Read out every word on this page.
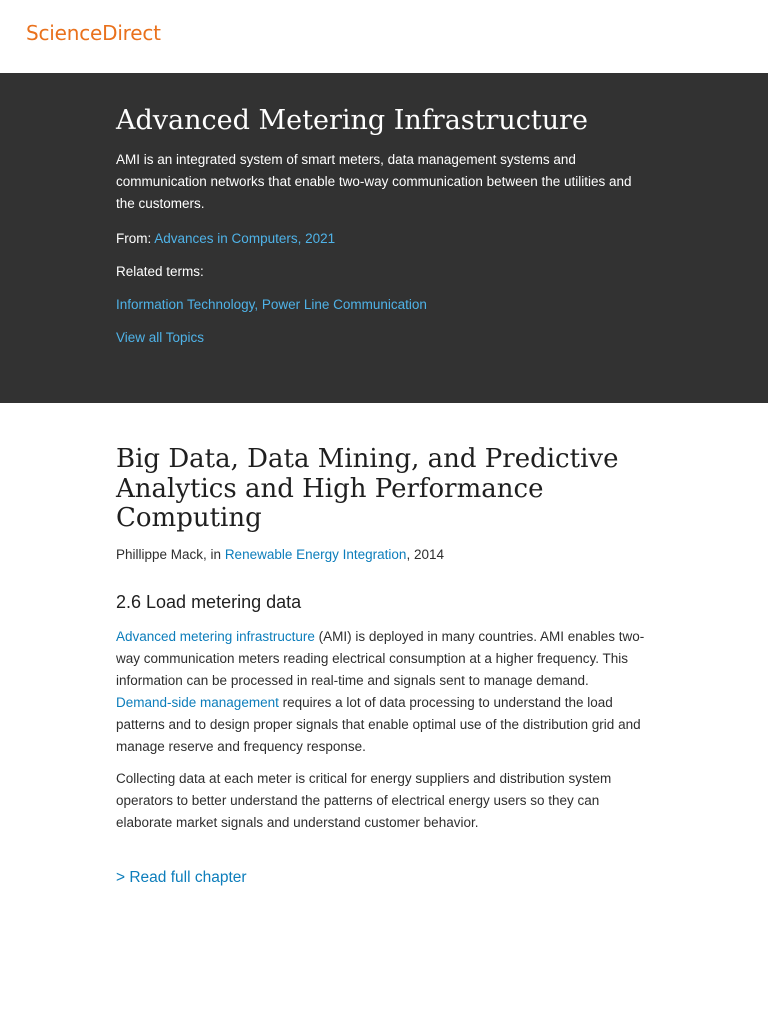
ScienceDirect
Advanced Metering Infrastructure

AMI is an integrated system of smart meters, data management systems and communication networks that enable two-way communication between the utilities and the customers.

From: Advances in Computers, 2021

Related terms:

Information Technology, Power Line Communication

View all Topics

Big Data, Data Mining, and Predictive Analytics and High Performance Computing

Phillippe Mack, in Renewable Energy Integration, 2014

2.6 Load metering data

Advanced metering infrastructure (AMI) is deployed in many countries. AMI enables two-way communication meters reading electrical consumption at a higher frequency. This information can be processed in real-time and signals sent to manage demand. Demand-side management requires a lot of data processing to understand the load patterns and to design proper signals that enable optimal use of the distribution grid and manage reserve and frequency response.

Collecting data at each meter is critical for energy suppliers and distribution system operators to better understand the patterns of electrical energy users so they can elaborate market signals and understand customer behavior.

> Read full chapter
